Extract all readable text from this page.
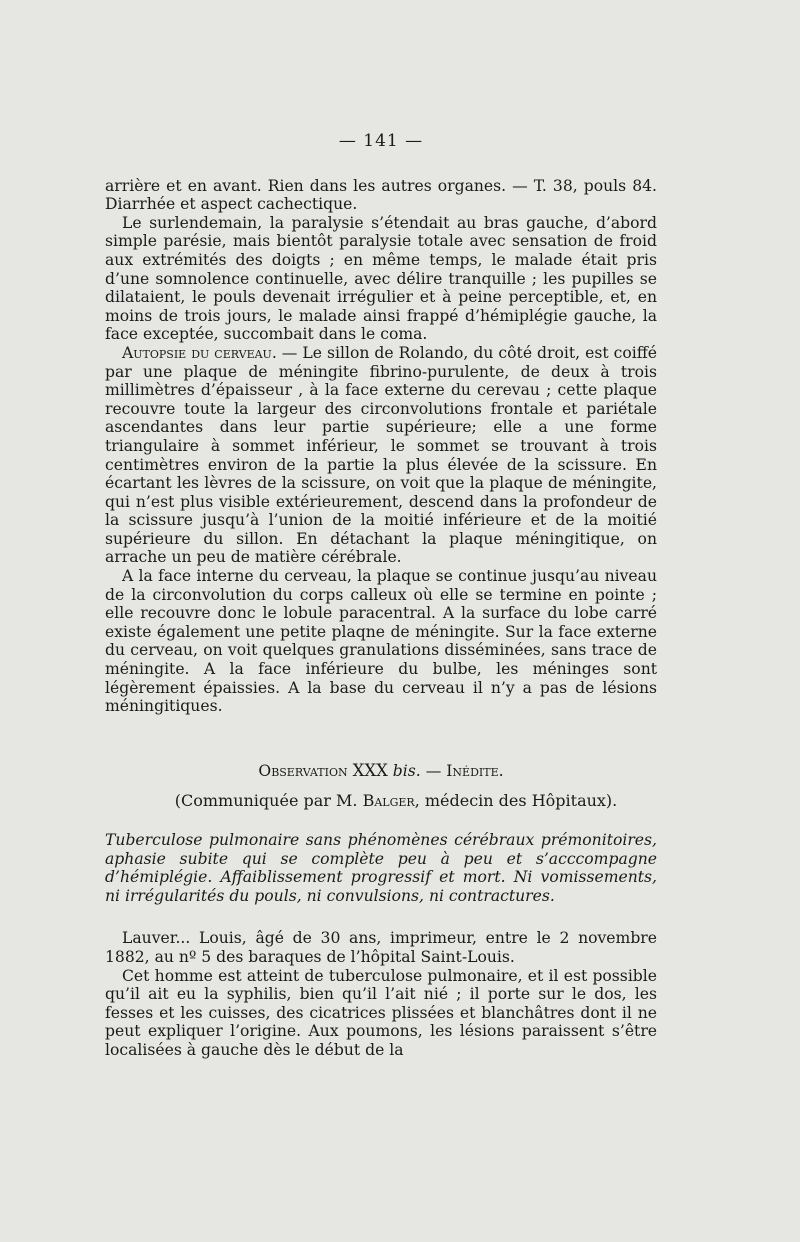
— 141 —

arrière et en avant. Rien dans les autres organes. — T. 38, pouls 84. Diarrhée et aspect cachectique.

Le surlendemain, la paralysie s’étendait au bras gauche, d’abord simple parésie, mais bientôt paralysie totale avec sensation de froid aux extrémités des doigts ; en même temps, le malade était pris d’une somnolence continuelle, avec délire tranquille ; les pupilles se dilataient, le pouls devenait irrégulier et à peine perceptible, et, en moins de trois jours, le malade ainsi frappé d’hémiplégie gauche, la face exceptée, succombait dans le coma.

Autopsie du cerveau. — Le sillon de Rolando, du côté droit, est coiffé par une plaque de méningite fibrino-purulente, de deux à trois millimètres d’épaisseur , à la face externe du cerevau ; cette plaque recouvre toute la largeur des circonvolutions frontale et pariétale ascendantes dans leur partie supérieure; elle a une forme triangulaire à sommet inférieur, le sommet se trouvant à trois centimètres environ de la partie la plus élevée de la scissure. En écartant les lèvres de la scissure, on voit que la plaque de méningite, qui n’est plus visible extérieurement, descend dans la profondeur de la scissure jusqu’à l’union de la moitié inférieure et de la moitié supérieure du sillon. En détachant la plaque méningitique, on arrache un peu de matière cérébrale.

A la face interne du cerveau, la plaque se continue jusqu’au niveau de la circonvolution du corps calleux où elle se termine en pointe ; elle recouvre donc le lobule paracentral. A la surface du lobe carré existe également une petite plaqne de méningite. Sur la face externe du cerveau, on voit quelques granulations disséminées, sans trace de méningite. A la face inférieure du bulbe, les méninges sont légèrement épaissies. A la base du cerveau il n’y a pas de lésions méningitiques.

Observation XXX bis. — Inédite.
(Communiquée par M. Balger, médecin des Hôpitaux).

Tuberculose pulmonaire sans phénomènes cérébraux prémonitoires, aphasie subite qui se complète peu à peu et s’acccompagne d’hémiplégie. Affaiblissement progressif et mort. Ni vomissements, ni irrégularités du pouls, ni convulsions, ni contractures.

Lauver... Louis, âgé de 30 ans, imprimeur, entre le 2 novembre 1882, au nº 5 des baraques de l’hôpital Saint-Louis.

Cet homme est atteint de tuberculose pulmonaire, et il est possible qu’il ait eu la syphilis, bien qu’il l’ait nié ; il porte sur le dos, les fesses et les cuisses, des cicatrices plissées et blanchâtres dont il ne peut expliquer l’origine. Aux poumons, les lésions paraissent s’être localisées à gauche dès le début de la
